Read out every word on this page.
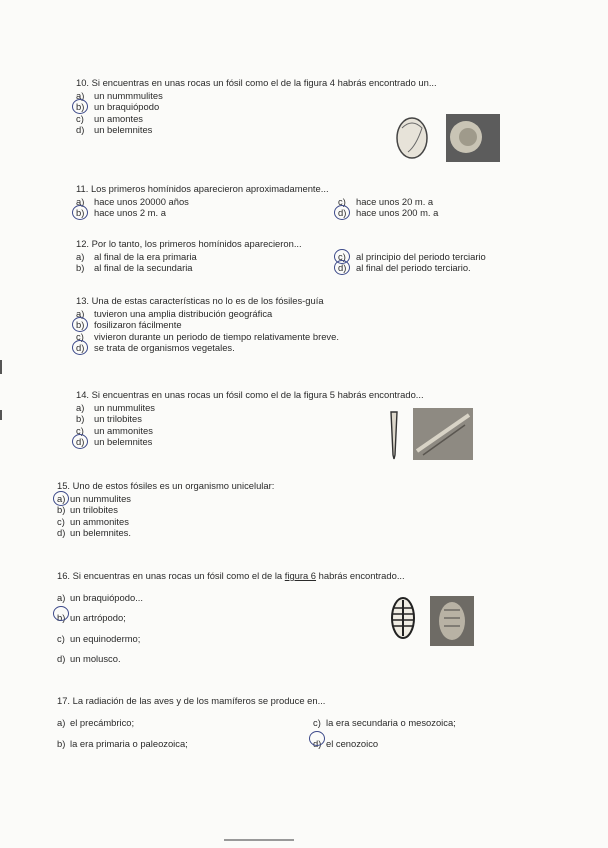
10. Si encuentras en unas rocas un fósil como el de la figura 4 habrás encontrado un...
a) un nummmulites
b) un braquiópodo
c) un amontes
d) un belemnites
11. Los primeros homínidos aparecieron aproximadamente...
a) hace unos 20000 años	c) hace unos 20 m. a
b) hace unos 2 m. a	d) hace unos 200 m. a
12. Por lo tanto, los primeros homínidos aparecieron...
a) al final de la era primaria	c) al principio del periodo terciario
b) al final de la secundaria	d) al final del periodo terciario.
13. Una de estas características no lo es de los fósiles-guía
a) tuvieron una amplia distribución geográfica
b) fosilizaron fácilmente
c) vivieron durante un periodo de tiempo relativamente breve.
d) se trata de organismos vegetales.
14. Si encuentras en unas rocas un fósil como el de la figura 5 habrás encontrado...
a) un nummulites
b) un trilobites
c) un ammonites
d) un belemnites
15. Uno de estos fósiles es un organismo unicelular:
a) un nummulites
b) un trilobites
c) un ammonites
d) un belemnites.
16. Si encuentras en unas rocas un fósil como el de la figura 6 habrás encontrado...
a) un braquiópodo...
b) un artrópodo;
c) un equinodermo;
d) un molusco.
17. La radiación de las aves y de los mamíferos se produce en...
a) el precámbrico;	c) la era secundaria o mesozoica;
b) la era primaria o paleozoica;	d) el cenozoico
